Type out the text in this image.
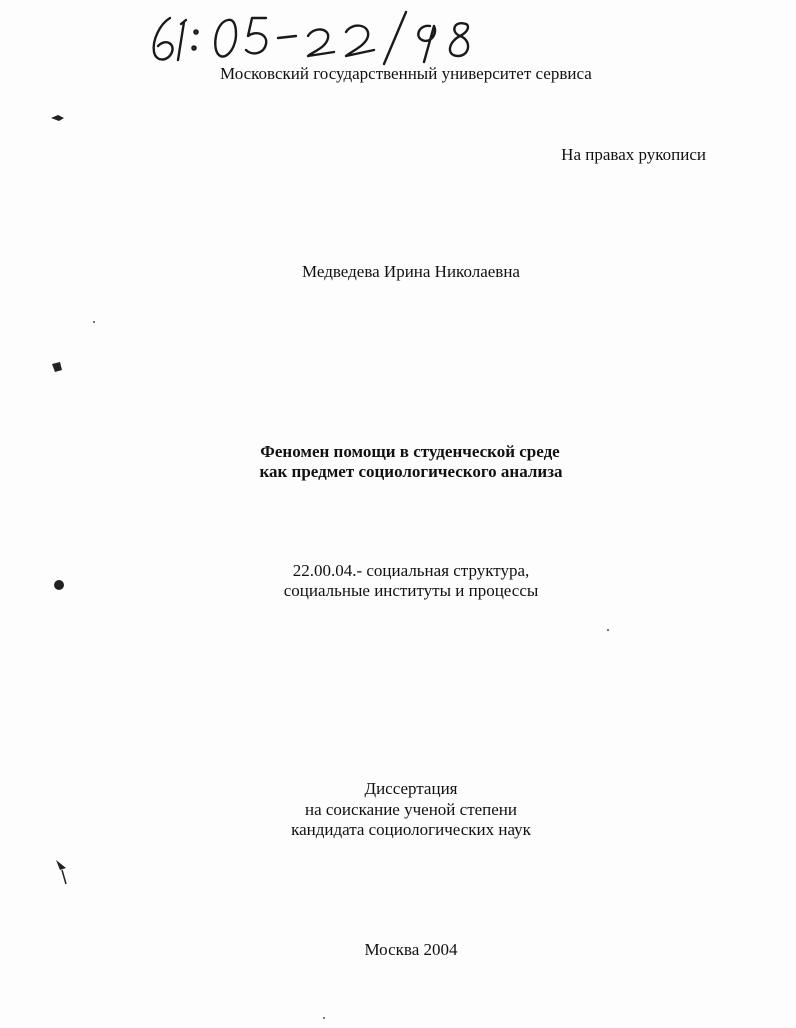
Московский государственный университет сервиса
На правах рукописи
Медведева Ирина Николаевна
Феномен помощи в студенческой среде
как предмет социологического анализа
22.00.04.- социальная структура,
социальные институты и процессы
Диссертация
на соискание ученой степени
кандидата социологических наук
Москва 2004
